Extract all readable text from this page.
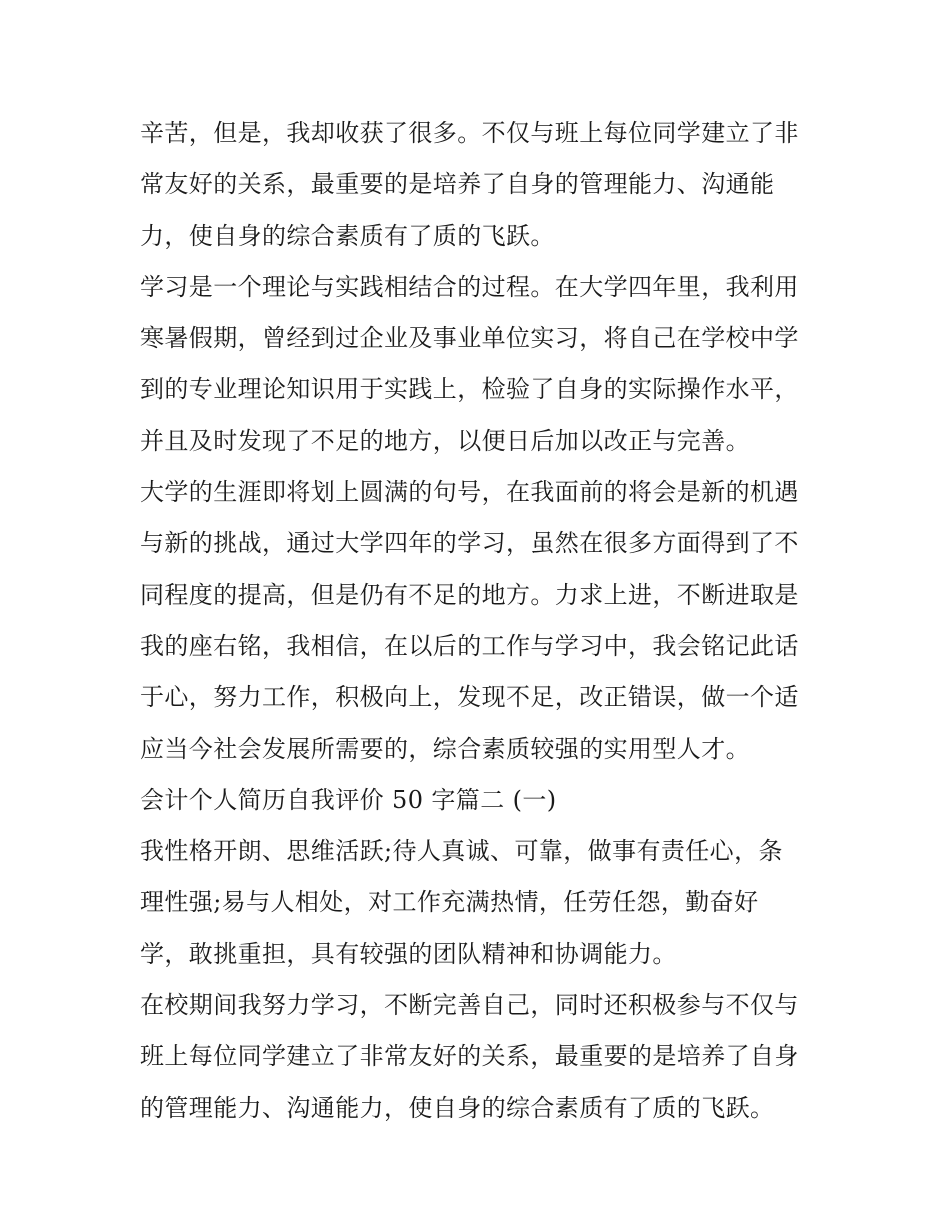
辛苦，但是，我却收获了很多。不仅与班上每位同学建立了非
常友好的关系，最重要的是培养了自身的管理能力、沟通能
力，使自身的综合素质有了质的飞跃。
学习是一个理论与实践相结合的过程。在大学四年里，我利用
寒暑假期，曾经到过企业及事业单位实习，将自己在学校中学
到的专业理论知识用于实践上，检验了自身的实际操作水平，
并且及时发现了不足的地方，以便日后加以改正与完善。
大学的生涯即将划上圆满的句号，在我面前的将会是新的机遇
与新的挑战，通过大学四年的学习，虽然在很多方面得到了不
同程度的提高，但是仍有不足的地方。力求上进，不断进取是
我的座右铭，我相信，在以后的工作与学习中，我会铭记此话
于心，努力工作，积极向上，发现不足，改正错误，做一个适
应当今社会发展所需要的，综合素质较强的实用型人才。
会计个人简历自我评价 50 字篇二 (一)
我性格开朗、思维活跃;待人真诚、可靠，做事有责任心，条
理性强;易与人相处，对工作充满热情，任劳任怨，勤奋好
学，敢挑重担，具有较强的团队精神和协调能力。
在校期间我努力学习，不断完善自己，同时还积极参与不仅与
班上每位同学建立了非常友好的关系，最重要的是培养了自身
的管理能力、沟通能力，使自身的综合素质有了质的飞跃。
